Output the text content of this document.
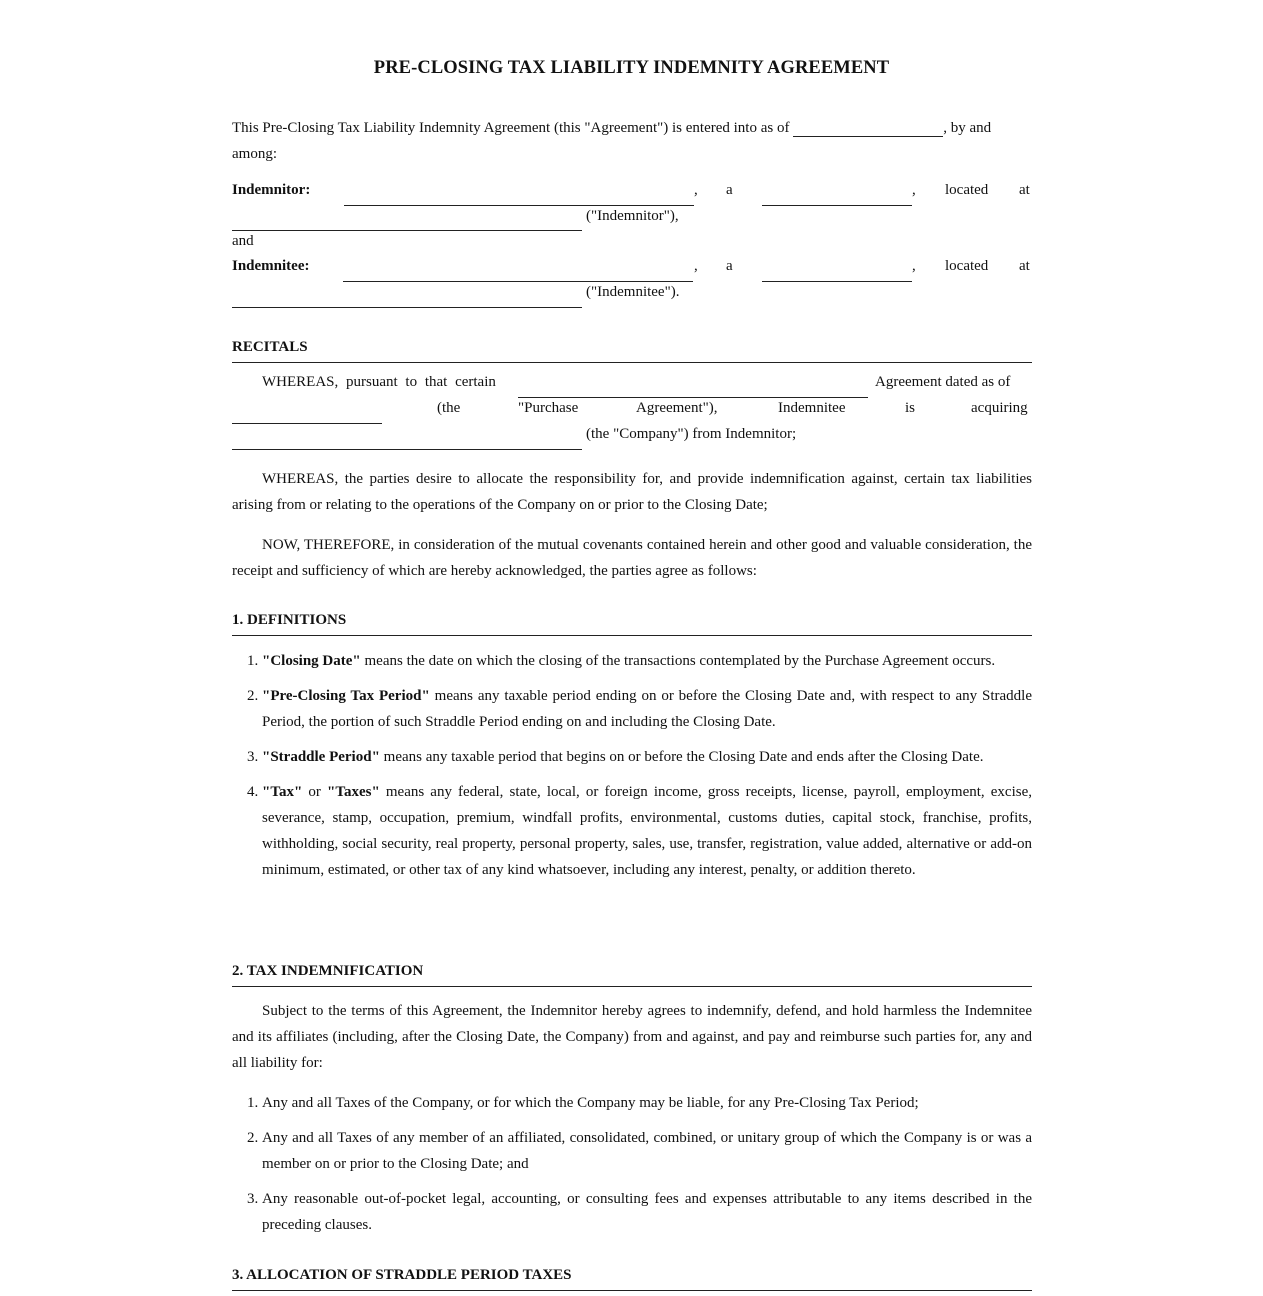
PRE-CLOSING TAX LIABILITY INDEMNITY AGREEMENT
This Pre-Closing Tax Liability Indemnity Agreement (this "Agreement") is entered into as of	, by and
among:
Indemnitor:	, a	, located at
("Indemnitor"),
and
Indemnitee:	, a	, located at
("Indemnitee").
RECITALS
WHEREAS, pursuant to that certain	Agreement dated as of
(the	"Purchase	Agreement"),	Indemnitee	is	acquiring
(the "Company") from Indemnitor;

WHEREAS, the parties desire to allocate the responsibility for, and provide indemnification against, certain tax liabilities arising from or relating to the operations of the Company on or prior to the Closing Date;

NOW, THEREFORE, in consideration of the mutual covenants contained herein and other good and valuable consideration, the receipt and sufficiency of which are hereby acknowledged, the parties agree as follows:

1. DEFINITIONS
1. "Closing Date" means the date on which the closing of the transactions contemplated by the Purchase Agreement occurs.
2. "Pre-Closing Tax Period" means any taxable period ending on or before the Closing Date and, with respect to any Straddle Period, the portion of such Straddle Period ending on and including the Closing Date.
3. "Straddle Period" means any taxable period that begins on or before the Closing Date and ends after the Closing Date.
4. "Tax" or "Taxes" means any federal, state, local, or foreign income, gross receipts, license, payroll, employment, excise, severance, stamp, occupation, premium, windfall profits, environmental, customs duties, capital stock, franchise, profits, withholding, social security, real property, personal property, sales, use, transfer, registration, value added, alternative or add-on minimum, estimated, or other tax of any kind whatsoever, including any interest, penalty, or addition thereto.
2. TAX INDEMNIFICATION

Subject to the terms of this Agreement, the Indemnitor hereby agrees to indemnify, defend, and hold harmless the Indemnitee and its affiliates (including, after the Closing Date, the Company) from and against, and pay and reimburse such parties for, any and all liability for:

1. Any and all Taxes of the Company, or for which the Company may be liable, for any Pre-Closing Tax Period;
2. Any and all Taxes of any member of an affiliated, consolidated, combined, or unitary group of which the Company is or was a member on or prior to the Closing Date; and
3. Any reasonable out-of-pocket legal, accounting, or consulting fees and expenses attributable to any items described in the preceding clauses.
3. ALLOCATION OF STRADDLE PERIOD TAXES
